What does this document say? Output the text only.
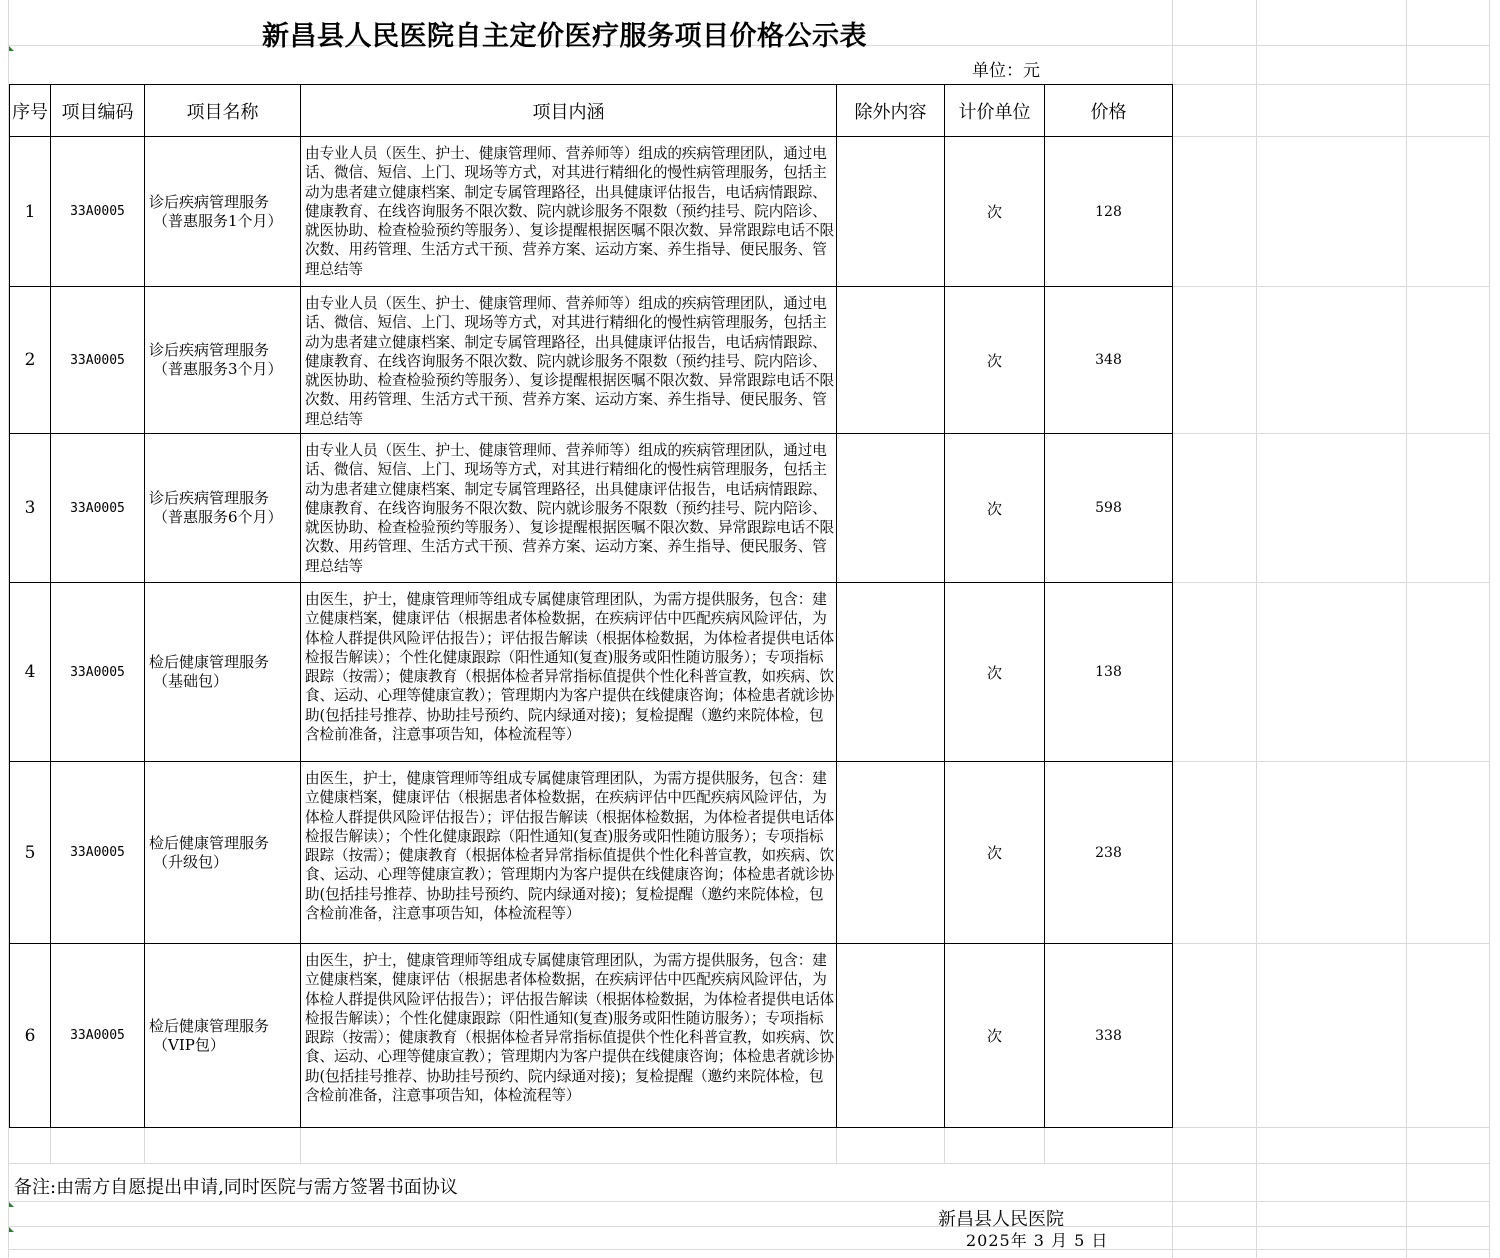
新昌县人民医院自主定价医疗服务项目价格公示表
单位：元
序号	项目编码	项目名称	项目内涵	除外内容	计价单位	价格
1	33A0005	诊后疾病管理服务
（普惠服务1个月）	由专业人员（医生、护士、健康管理师、营养师等）组成的疾病管理团队，通过电话、微信、短信、上门、现场等方式，对其进行精细化的慢性病管理服务，包括主动为患者建立健康档案、制定专属管理路径，出具健康评估报告，电话病情跟踪、健康教育、在线咨询服务不限次数、院内就诊服务不限数（预约挂号、院内陪诊、就医协助、检查检验预约等服务）、复诊提醒根据医嘱不限次数、异常跟踪电话不限次数、用药管理、生活方式干预、营养方案、运动方案、养生指导、便民服务、管理总结等		次	128
2	33A0005	诊后疾病管理服务
（普惠服务3个月）	由专业人员（医生、护士、健康管理师、营养师等）组成的疾病管理团队，通过电话、微信、短信、上门、现场等方式，对其进行精细化的慢性病管理服务，包括主动为患者建立健康档案、制定专属管理路径，出具健康评估报告，电话病情跟踪、健康教育、在线咨询服务不限次数、院内就诊服务不限数（预约挂号、院内陪诊、就医协助、检查检验预约等服务）、复诊提醒根据医嘱不限次数、异常跟踪电话不限次数、用药管理、生活方式干预、营养方案、运动方案、养生指导、便民服务、管理总结等		次	348
3	33A0005	诊后疾病管理服务
（普惠服务6个月）	由专业人员（医生、护士、健康管理师、营养师等）组成的疾病管理团队，通过电话、微信、短信、上门、现场等方式，对其进行精细化的慢性病管理服务，包括主动为患者建立健康档案、制定专属管理路径，出具健康评估报告，电话病情跟踪、健康教育、在线咨询服务不限次数、院内就诊服务不限数（预约挂号、院内陪诊、就医协助、检查检验预约等服务）、复诊提醒根据医嘱不限次数、异常跟踪电话不限次数、用药管理、生活方式干预、营养方案、运动方案、养生指导、便民服务、管理总结等		次	598
4	33A0005	检后健康管理服务
（基础包）	由医生，护士，健康管理师等组成专属健康管理团队，为需方提供服务，包含：建立健康档案，健康评估（根据患者体检数据，在疾病评估中匹配疾病风险评估，为体检人群提供风险评估报告）；评估报告解读（根据体检数据，为体检者提供电话体检报告解读）；个性化健康跟踪（阳性通知(复查)服务或阳性随访服务）；专项指标跟踪（按需）；健康教育（根据体检者异常指标值提供个性化科普宣教，如疾病、饮食、运动、心理等健康宣教）；管理期内为客户提供在线健康咨询；体检患者就诊协助(包括挂号推荐、协助挂号预约、院内绿通对接)；复检提醒（邀约来院体检，包含检前准备，注意事项告知，体检流程等）		次	138
5	33A0005	检后健康管理服务
（升级包）	由医生，护士，健康管理师等组成专属健康管理团队，为需方提供服务，包含：建立健康档案，健康评估（根据患者体检数据，在疾病评估中匹配疾病风险评估，为体检人群提供风险评估报告）；评估报告解读（根据体检数据，为体检者提供电话体检报告解读）；个性化健康跟踪（阳性通知(复查)服务或阳性随访服务）；专项指标跟踪（按需）；健康教育（根据体检者异常指标值提供个性化科普宣教，如疾病、饮食、运动、心理等健康宣教）；管理期内为客户提供在线健康咨询；体检患者就诊协助(包括挂号推荐、协助挂号预约、院内绿通对接)；复检提醒（邀约来院体检，包含检前准备，注意事项告知，体检流程等）		次	238
6	33A0005	检后健康管理服务
（VIP包）	由医生，护士，健康管理师等组成专属健康管理团队，为需方提供服务，包含：建立健康档案，健康评估（根据患者体检数据，在疾病评估中匹配疾病风险评估，为体检人群提供风险评估报告）；评估报告解读（根据体检数据，为体检者提供电话体检报告解读）；个性化健康跟踪（阳性通知(复查)服务或阳性随访服务）；专项指标跟踪（按需）；健康教育（根据体检者异常指标值提供个性化科普宣教，如疾病、饮食、运动、心理等健康宣教）；管理期内为客户提供在线健康咨询；体检患者就诊协助(包括挂号推荐、协助挂号预约、院内绿通对接)；复检提醒（邀约来院体检，包含检前准备，注意事项告知，体检流程等）		次	338
备注:由需方自愿提出申请,同时医院与需方签署书面协议
新昌县人民医院
2025年 3 月 5 日
